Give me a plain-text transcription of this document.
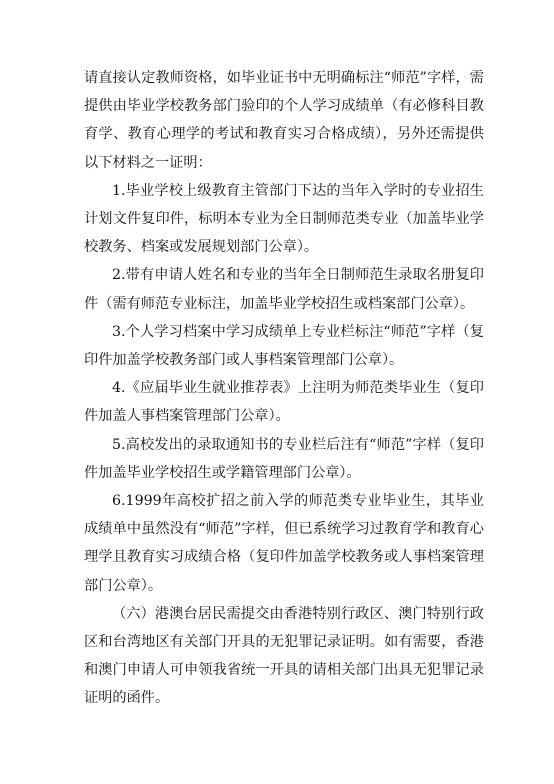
请直接认定教师资格，如毕业证书中无明确标注“师范”字样，需提供由毕业学校教务部门验印的个人学习成绩单（有必修科目教育学、教育心理学的考试和教育实习合格成绩），另外还需提供以下材料之一证明：

1.毕业学校上级教育主管部门下达的当年入学时的专业招生计划文件复印件，标明本专业为全日制师范类专业（加盖毕业学校教务、档案或发展规划部门公章）。

2.带有申请人姓名和专业的当年全日制师范生录取名册复印件（需有师范专业标注，加盖毕业学校招生或档案部门公章）。

3.个人学习档案中学习成绩单上专业栏标注“师范”字样（复印件加盖学校教务部门或人事档案管理部门公章）。

4.《应届毕业生就业推荐表》上注明为师范类毕业生（复印件加盖人事档案管理部门公章）。

5.高校发出的录取通知书的专业栏后注有“师范”字样（复印件加盖毕业学校招生或学籍管理部门公章）。

6.1999年高校扩招之前入学的师范类专业毕业生，其毕业成绩单中虽然没有“师范”字样，但已系统学习过教育学和教育心理学且教育实习成绩合格（复印件加盖学校教务或人事档案管理部门公章）。

（六）港澳台居民需提交由香港特别行政区、澳门特别行政区和台湾地区有关部门开具的无犯罪记录证明。如有需要，香港和澳门申请人可申领我省统一开具的请相关部门出具无犯罪记录证明的函件。
